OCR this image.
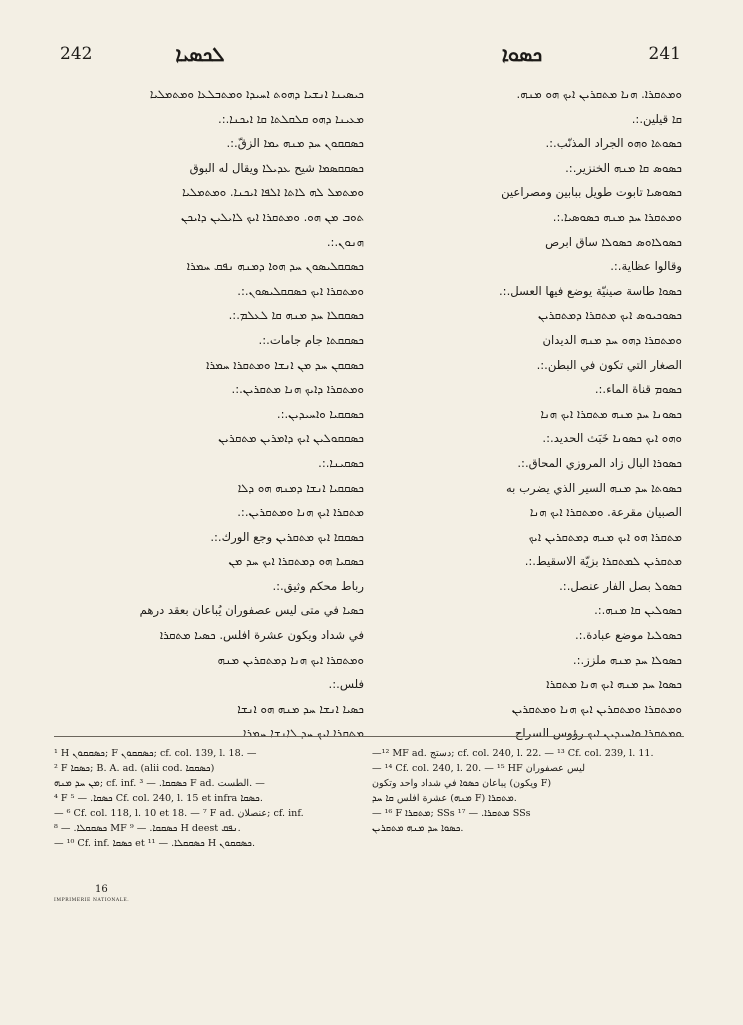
242	ܠܟܣܝܐ	ܟܣܘܐ	241
ܟܝܣܝܢܐ ܐܢܫܝܐ ܕܗܘܬ ܐܚܝܕܐ ܘܡܬܒܠܥܐ ܘܡܬܡܠܝܐ
ܡܥܝܢܐ ܕܗܘ ܩܠܩܠܬܐ ܩܐ ܐܝܟܢܐ.:.
ܟܣܩܩܘܢ ܚܕ ܡܢܗ ܝܡܐ الزقّ.:.
ܟܣܩܩܣܡܐ شيح ܥܕܝܠܐ ويقال له البوق
ܘܡܬܡܠ ܠܗ ܠܐܬܐ ܐܠܦܐ ܐܝܟܢܐ. ܘܡܬܡܠܝܐ
ܬܘܒ ܡܢ ܗܘ. ܘܡܬܩܪܐ ܐܝܟ ܠܐܝܠܝܢ ܕܐܝܟܢ
ܗܢܘܢ.:.
ܟܣܩܩܠܝܣܘܢ ܚܕ ܗܘܐ ܕܡܢܗ ܢܦܩ ܚܡܪܐ
ܘܡܬܩܪܐ ܐܝܟ ܟܣܩܩܠܝܣܘܢ.:.
ܟܣܩܩܠܐ ܚܕ ܡܢܗ ܩܐ ܠܥܠܡ.:.
ܟܣܩܩܬܐ جام جامات.:.
ܟܣܩܩܢ ܚܕ ܡܢ ܐܢܫܐ ܘܡܬܩܪܐ ܚܡܪܐ
ܘܡܬܩܪܐ ܕܐܝܟ ܗܢܐ ܡܬܩܪܝܢ.:.
ܟܣܩܩܝܐ ܘܐܚܝܕܝܢ.:.
ܟܣܩܩܘܠܝܢ ܐܝܟ ܕܐܡܪܝܢ ܡܬܩܪܝܢ
ܟܣܩܝܢܐ.:.
ܟܣܩܩܝܐ ܐܢܫܐ ܕܡܢܗ ܗܘ ܕܠܐ
ܡܬܩܪܐ ܐܝܟ ܗܢܐ ܘܡܬܩܪܝܢ.:.
ܟܣܩܩܐ ܐܝܟ ܡܬܩܪܝܢ وجع الورك.:.
ܟܣܩܝܐ ܗܘ ܕܡܬܩܪܐ ܐܝܟ ܚܕ ܡܢ
رباط محكم وثيق.:.
ܟܣܝܐ في متى ليس عصفوران يُباعان بعقد درهم
في شداد ويكون عشرة افلس. ܟܣܝܐ ܡܬܩܪܐ
ܘܡܬܩܪܐ ܐܝܟ ܗܢܐ ܕܡܬܩܪܝܢ ܡܢܗ
فلس.:.
ܟܣܝܐ ܐܢܫܐ ܚܕ ܡܢܗ ܗܘ ܐܢܫܐ
ܡܬܩܪܐ ܐܝܟ ܚܕ ܠܐܢܫܐ ܚܡܪܐ
ܘܡܬܩܪܐ. ܗܢܐ ܡܬܩܪܝܢ ܐܝܟ ܗܘ ܡܢܗ.
ܩܐ قيلين.:.
ܟܣܘܬܐ ܘܗܘ الجراد المذنّب.:.
ܟܣܘܣ ܩܐ ܡܢܗ الخنزير.:.
ܟܣܘܣܝܐ تابوت طويل ببابين ومصراعين
ܘܡܬܩܪܐ ܚܕ ܡܢܗ ܟܣܘܣܝܐ.:.
ܟܣܘܠܐܘܣ ܟܣܘܠܐ ساق ابرص
وقالوا عظاية.:.
ܟܣܘܐ طاسة صينيّة يوضع فيها العسل.:.
ܟܣܘܟܝܘܣ ܐܝܟ ܡܬܩܪܐ ܕܡܬܩܪܝܢ
ܘܡܬܩܪܐ ܕܗܘ ܚܕ ܡܢܗ الديدان
الصغار التي تكون في البطن.:.
ܟܣܘܡ قناة الماء.:.
ܟܣܘܢܐ ܚܕ ܡܢܗ ܡܬܩܪܐ ܐܝܟ ܗܢܐ
ܘܗܘ ܐܝܟ ܟܣܘܢܐ خَبَث الحديد.:.
ܟܣܘܪܐ البال زاد المروزي المحاق.:.
ܟܣܘܬܐ ܚܕ ܡܢܗ السير الذي يضرب به
الصبيان مقرعة. ܘܡܬܩܪܐ ܐܝܟ ܗܢܐ
ܡܬܩܪܐ ܗܘ ܐܝܟ ܡܢܗ ܕܡܬܩܪܝܢ ܐܝܟ
ܡܬܩܪܝܢ ܠܡܬܩܪܐ بزيّة الاسقيط.:.
ܟܣܘܠ بصل الفار عنصل.:.
ܟܣܘܠܝܢ ܩܐ ܡܢܗ.:.
ܟܣܘܠܝܐ موضع عبادة.:.
ܟܣܘܠܐ ܚܕ ܡܢܗ ملزز.:.
ܟܣܘܐ ܚܕ ܡܢܗ ܐܝܟ ܗܢܐ ܡܬܩܪܐ
ܘܡܬܩܪܐ ܘܡܬܩܪܝܢ ܐܝܟ ܗܢܐ ܘܡܬܩܪܝܢ
ܘܡܬܩܪܐ ܘܐܚܝܕܝܢ ܐܝܟ رؤوس السراج
¹ H ܟܣܩܩܘܢ; F ܟܣܩܩܘܢ; cf. col. 139, l. 18. —
² F ܟܣܩܐ; B. A. ad. (alii cod. ܟܣܩܩܐ)
ܡܢ ܚܕ ܡܢܗ; cf. inf. ܟܣܩܩܐ. — ³ F ad. الطست. —
⁴ F ܟܣܩܐ. — ⁵ Cf. col. 240, l. 15 et infra ܟܣܩܐ.
— ⁶ Cf. col. 118, l. 10 et 18. — ⁷ F ad. عنصلان; cf. inf.
ܟܣܩܩܠܐ. — ⁸ MF ܟܣܩܩܐ. — ⁹ H deest ܢܦܩ.
— ¹⁰ Cf. inf. ܟܣܩܐ et ܟܣܩܩܠܐ. — ¹¹ H ܟܣܩܩܘܢ.
—¹² MF ad. دستج; cf. col. 240, l. 22. — ¹³ Cf. col. 239, l. 11.
— ¹⁴ Cf. col. 240, l. 20. — ¹⁵ HF ليس عصفوران
يباعان ܟܣܘܐ في شداد واحد وتكون (ويكون F)
عشرة افلس ܩܐ ܚܕ (ܡܢܗ F) ܡܬܩܪܐ.
— ¹⁶ F ܡܬܩܪܐ; SSs ܡܬܩܪܐ. — ¹⁷ SSs
ܟܣܘܐ ܚܕ ܡܢܗ ܡܬܩܪܝܢ.
16
IMPRIMERIE NATIONALE.
